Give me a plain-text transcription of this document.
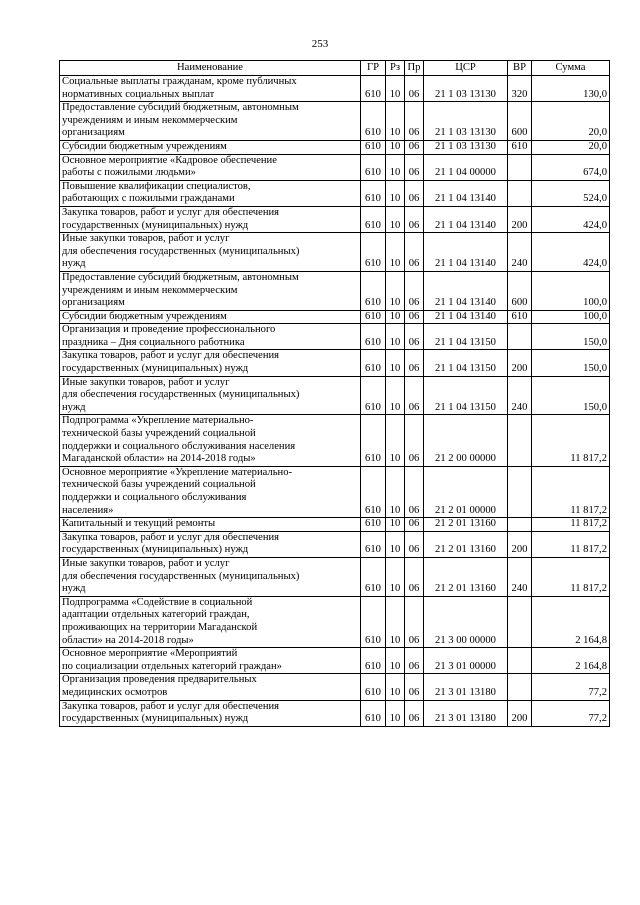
253
Наименование	ГР	Рз	Пр	ЦСР	ВР	Сумма
Социальные выплаты гражданам, кроме публичных
нормативных социальных выплат	610	10	06	21 1 03 13130	320	130,0
Предоставление субсидий бюджетным, автономным
учреждениям и иным некоммерческим
организациям	610	10	06	21 1 03 13130	600	20,0
Субсидии бюджетным учреждениям	610	10	06	21 1 03 13130	610	20,0
Основное мероприятие «Кадровое обеспечение
работы с пожилыми людьми»	610	10	06	21 1 04 00000		674,0
Повышение квалификации специалистов,
работающих с пожилыми гражданами	610	10	06	21 1 04 13140		524,0
Закупка товаров, работ и услуг для обеспечения
государственных (муниципальных) нужд	610	10	06	21 1 04 13140	200	424,0
Иные закупки товаров, работ и услуг
для обеспечения государственных (муниципальных)
нужд	610	10	06	21 1 04 13140	240	424,0
Предоставление субсидий бюджетным, автономным
учреждениям и иным некоммерческим
организациям	610	10	06	21 1 04 13140	600	100,0
Субсидии бюджетным учреждениям	610	10	06	21 1 04 13140	610	100,0
Организация и проведение профессионального
праздника – Дня социального работника	610	10	06	21 1 04 13150		150,0
Закупка товаров, работ и услуг для обеспечения
государственных (муниципальных) нужд	610	10	06	21 1 04 13150	200	150,0
Иные закупки товаров, работ и услуг
для обеспечения государственных (муниципальных)
нужд	610	10	06	21 1 04 13150	240	150,0
Подпрограмма «Укрепление материально-
технической базы учреждений социальной
поддержки и социального обслуживания населения
Магаданской области» на 2014-2018 годы»	610	10	06	21 2 00 00000		11 817,2
Основное мероприятие «Укрепление материально-
технической базы учреждений социальной
поддержки и социального обслуживания
населения»	610	10	06	21 2 01 00000		11 817,2
Капитальный и текущий ремонты	610	10	06	21 2 01 13160		11 817,2
Закупка товаров, работ и услуг для обеспечения
государственных (муниципальных) нужд	610	10	06	21 2 01 13160	200	11 817,2
Иные закупки товаров, работ и услуг
для обеспечения государственных (муниципальных)
нужд	610	10	06	21 2 01 13160	240	11 817,2
Подпрограмма «Содействие в социальной
адаптации отдельных категорий граждан,
проживающих на территории Магаданской
области» на 2014-2018 годы»	610	10	06	21 3 00 00000		2 164,8
Основное мероприятие «Мероприятий
по социализации отдельных категорий граждан»	610	10	06	21 3 01 00000		2 164,8
Организация проведения предварительных
медицинских осмотров	610	10	06	21 3 01 13180		77,2
Закупка товаров, работ и услуг для обеспечения
государственных (муниципальных) нужд	610	10	06	21 3 01 13180	200	77,2
